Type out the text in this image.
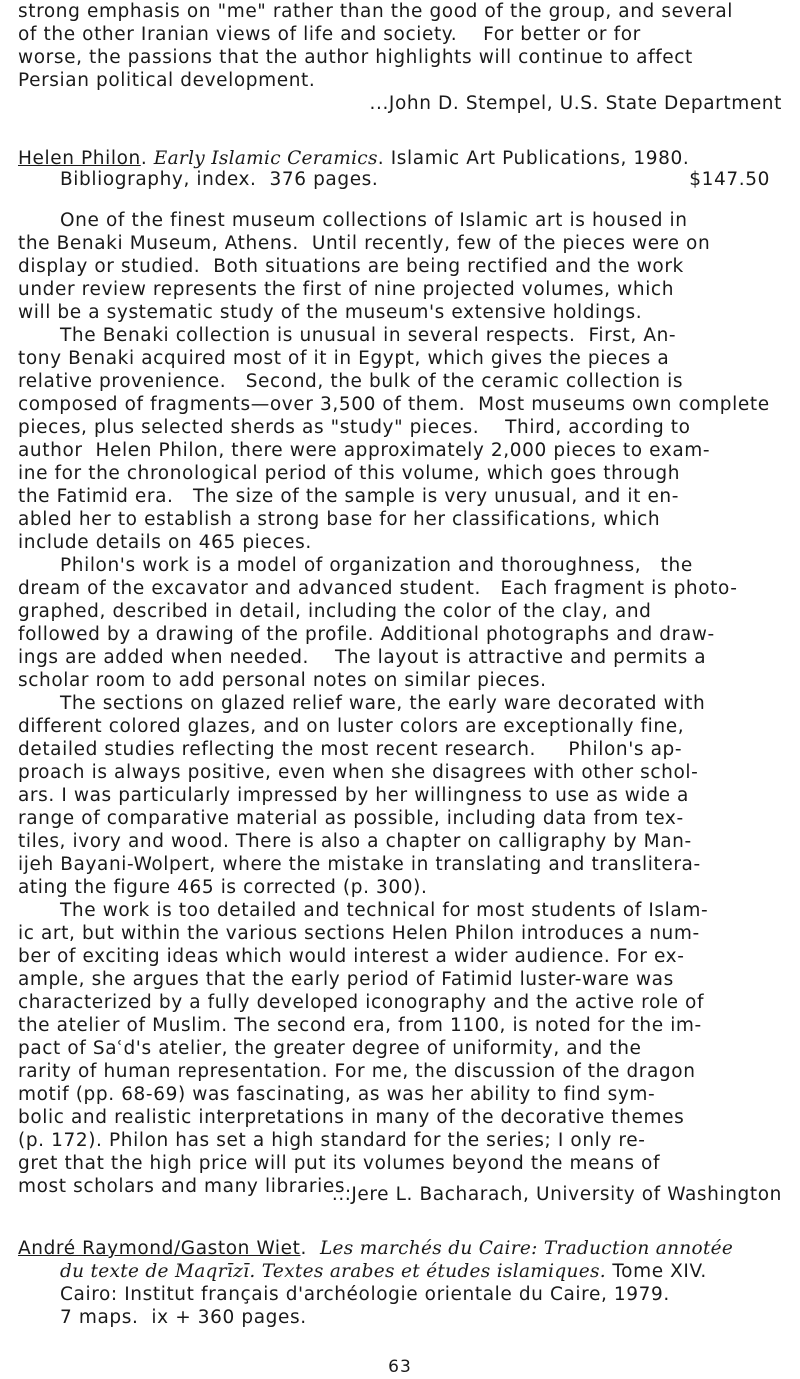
strong emphasis on "me" rather than the good of the group, and several
of the other Iranian views of life and society.    For better or for
worse, the passions that the author highlights will continue to affect
Persian political development.
...John D. Stempel, U.S. State Department
Helen Philon. Early Islamic Ceramics. Islamic Art Publications, 1980.
Bibliography, index.  376 pages.	$147.50
One of the finest museum collections of Islamic art is housed in
the Benaki Museum, Athens.  Until recently, few of the pieces were on
display or studied.  Both situations are being rectified and the work
under review represents the first of nine projected volumes, which
will be a systematic study of the museum's extensive holdings.
The Benaki collection is unusual in several respects.  First, An-
tony Benaki acquired most of it in Egypt, which gives the pieces a
relative provenience.   Second, the bulk of the ceramic collection is
composed of fragments—over 3,500 of them.  Most museums own complete
pieces, plus selected sherds as "study" pieces.    Third, according to
author  Helen Philon, there were approximately 2,000 pieces to exam-
ine for the chronological period of this volume, which goes through
the Fatimid era.   The size of the sample is very unusual, and it en-
abled her to establish a strong base for her classifications, which
include details on 465 pieces.
Philon's work is a model of organization and thoroughness,   the
dream of the excavator and advanced student.   Each fragment is photo-
graphed, described in detail, including the color of the clay, and
followed by a drawing of the profile. Additional photographs and draw-
ings are added when needed.    The layout is attractive and permits a
scholar room to add personal notes on similar pieces.
The sections on glazed relief ware, the early ware decorated with
different colored glazes, and on luster colors are exceptionally fine,
detailed studies reflecting the most recent research.     Philon's ap-
proach is always positive, even when she disagrees with other schol-
ars. I was particularly impressed by her willingness to use as wide a
range of comparative material as possible, including data from tex-
tiles, ivory and wood. There is also a chapter on calligraphy by Man-
ijeh Bayani-Wolpert, where the mistake in translating and translitera-
ating the figure 465 is corrected (p. 300).
The work is too detailed and technical for most students of Islam-
ic art, but within the various sections Helen Philon introduces a num-
ber of exciting ideas which would interest a wider audience. For ex-
ample, she argues that the early period of Fatimid luster-ware was
characterized by a fully developed iconography and the active role of
the atelier of Muslim. The second era, from 1100, is noted for the im-
pact of Saʿd's atelier, the greater degree of uniformity, and the
rarity of human representation. For me, the discussion of the dragon
motif (pp. 68-69) was fascinating, as was her ability to find sym-
bolic and realistic interpretations in many of the decorative themes
(p. 172). Philon has set a high standard for the series; I only re-
gret that the high price will put its volumes beyond the means of
most scholars and many libraries.
...Jere L. Bacharach, University of Washington
André Raymond/Gaston Wiet.  Les marchés du Caire: Traduction annotée
du texte de Maqrīzī. Textes arabes et études islamiques. Tome XIV.
Cairo: Institut français d'archéologie orientale du Caire, 1979.
7 maps.  ix + 360 pages.
63
